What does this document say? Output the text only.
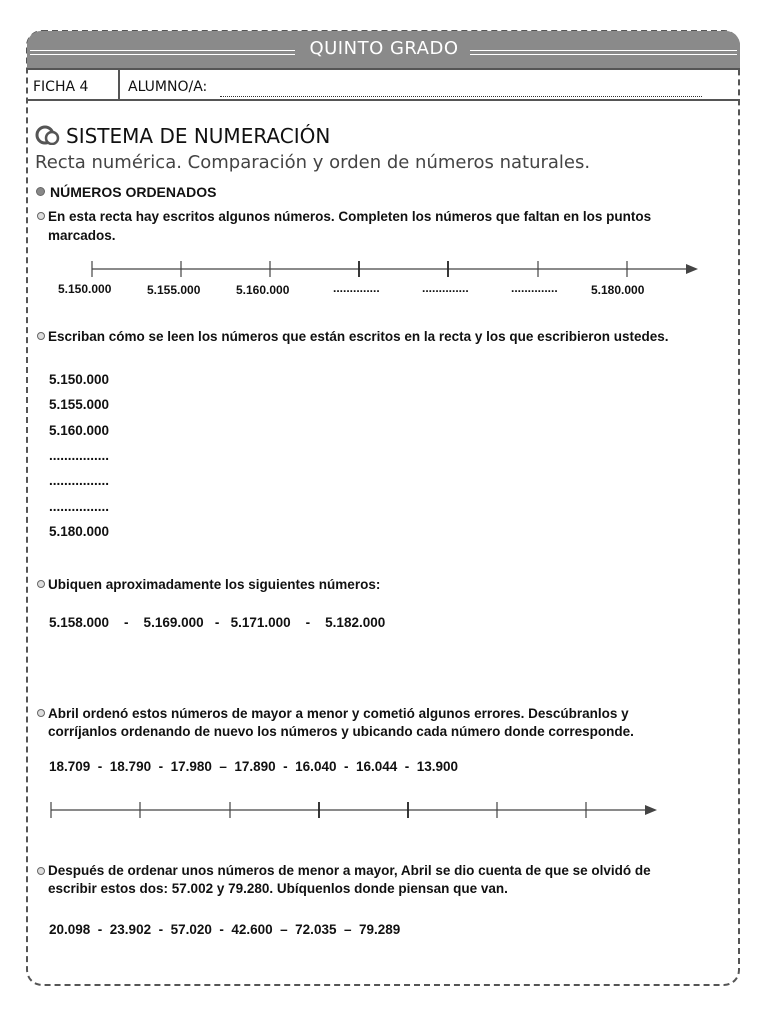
QUINTO GRADO
FICHA 4	ALUMNO/A:
SISTEMA DE NUMERACIÓN
Recta numérica. Comparación y orden de números naturales.
NÚMEROS ORDENADOS
En esta recta hay escritos algunos números. Completen los números que faltan en los puntos
marcados.
5.150.000	5.155.000	5.160.000	..............	..............	..............	5.180.000
Escriban cómo se leen los números que están escritos en la recta y los que escribieron ustedes.
5.150.000
5.155.000
5.160.000
................
................
................
5.180.000
Ubiquen aproximadamente los siguientes números:
5.158.000    -    5.169.000   -   5.171.000    -    5.182.000
Abril ordenó estos números de mayor a menor y cometió algunos errores. Descúbranlos y
corríjanlos ordenando de nuevo los números y ubicando cada número donde corresponde.
18.709  -  18.790  -  17.980  –  17.890  -  16.040  -  16.044  -  13.900
Después de ordenar unos números de menor a mayor, Abril se dio cuenta de que se olvidó de
escribir estos dos: 57.002 y 79.280. Ubíquenlos donde piensan que van.
20.098  -  23.902  -  57.020  -  42.600  –  72.035  –  79.289
